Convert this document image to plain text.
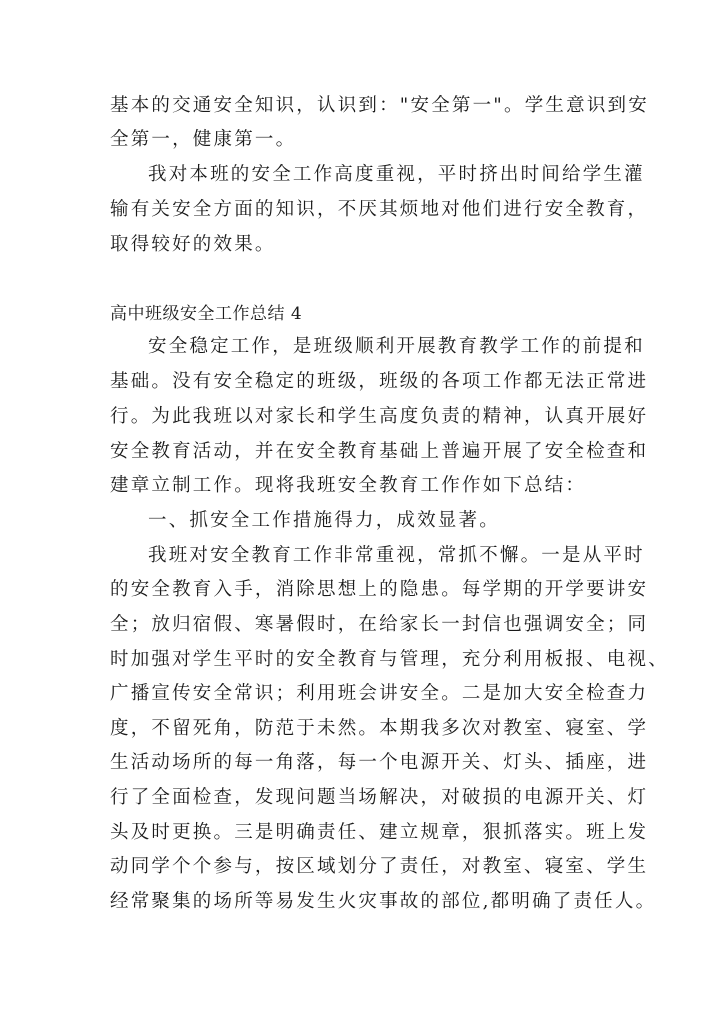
基本的交通安全知识，认识到："安全第一"。学生意识到安
全第一，健康第一。
我对本班的安全工作高度重视，平时挤出时间给学生灌
输有关安全方面的知识，不厌其烦地对他们进行安全教育，
取得较好的效果。
高中班级安全工作总结 4
安全稳定工作，是班级顺利开展教育教学工作的前提和
基础。没有安全稳定的班级，班级的各项工作都无法正常进
行。为此我班以对家长和学生高度负责的精神，认真开展好
安全教育活动，并在安全教育基础上普遍开展了安全检查和
建章立制工作。现将我班安全教育工作作如下总结：
一、抓安全工作措施得力，成效显著。
我班对安全教育工作非常重视，常抓不懈。一是从平时
的安全教育入手，消除思想上的隐患。每学期的开学要讲安
全；放归宿假、寒暑假时，在给家长一封信也强调安全；同
时加强对学生平时的安全教育与管理，充分利用板报、电视、
广播宣传安全常识；利用班会讲安全。二是加大安全检查力
度，不留死角，防范于未然。本期我多次对教室、寝室、学
生活动场所的每一角落，每一个电源开关、灯头、插座，进
行了全面检查，发现问题当场解决，对破损的电源开关、灯
头及时更换。三是明确责任、建立规章，狠抓落实。班上发
动同学个个参与，按区域划分了责任，对教室、寝室、学生
经常聚集的场所等易发生火灾事故的部位,都明确了责任人。
